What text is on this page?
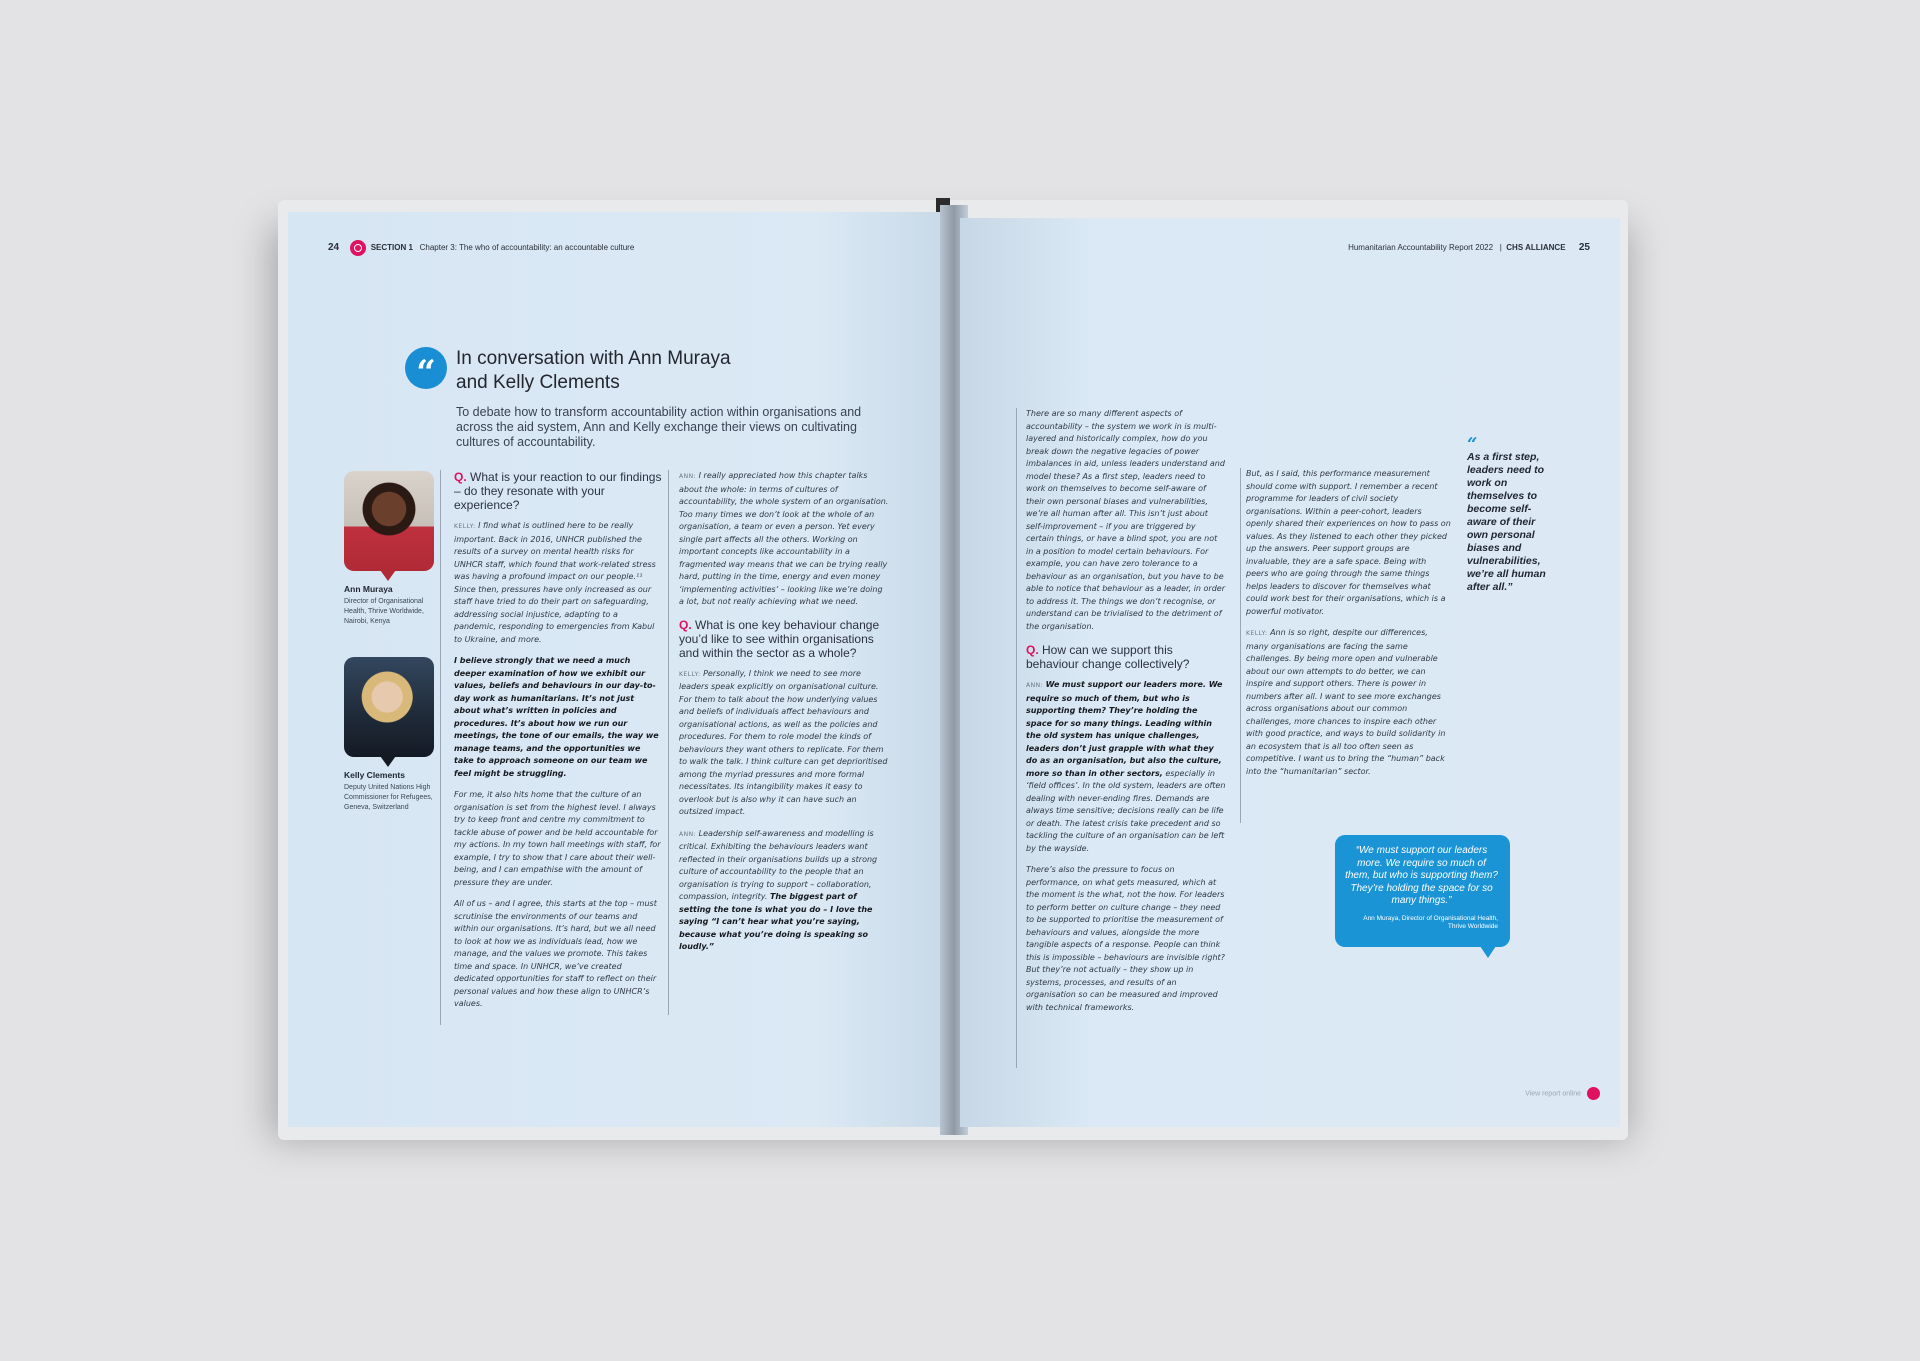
24	SECTION 1 Chapter 3: The who of accountability: an accountable culture
“	In conversation with Ann Muraya
and Kelly Clements
To debate how to transform accountability action within organisations and across the aid system, Ann and Kelly exchange their views on cultivating cultures of accountability.
Ann Muraya
Director of Organisational Health, Thrive Worldwide, Nairobi, Kenya
Kelly Clements
Deputy United Nations High Commissioner for Refugees, Geneva, Switzerland
Q. What is your reaction to our findings – do they resonate with your experience?

KELLY: I find what is outlined here to be really important. Back in 2016, UNHCR published the results of a survey on mental health risks for UNHCR staff, which found that work-related stress was having a profound impact on our people.¹¹ Since then, pressures have only increased as our staff have tried to do their part on safeguarding, addressing social injustice, adapting to a pandemic, responding to emergencies from Kabul to Ukraine, and more.

I believe strongly that we need a much deeper examination of how we exhibit our values, beliefs and behaviours in our day-to-day work as humanitarians. It’s not just about what’s written in policies and procedures. It’s about how we run our meetings, the tone of our emails, the way we manage teams, and the opportunities we take to approach someone on our team we feel might be struggling.

For me, it also hits home that the culture of an organisation is set from the highest level. I always try to keep front and centre my commitment to tackle abuse of power and be held accountable for my actions. In my town hall meetings with staff, for example, I try to show that I care about their well-being, and I can empathise with the amount of pressure they are under.

All of us – and I agree, this starts at the top – must scrutinise the environments of our teams and within our organisations. It’s hard, but we all need to look at how we as individuals lead, how we manage, and the values we promote. This takes time and space. In UNHCR, we’ve created dedicated opportunities for staff to reflect on their personal values and how these align to UNHCR’s values.

ANN: I really appreciated how this chapter talks about the whole: in terms of cultures of accountability, the whole system of an organisation. Too many times we don’t look at the whole of an organisation, a team or even a person. Yet every single part affects all the others. Working on important concepts like accountability in a fragmented way means that we can be trying really hard, putting in the time, energy and even money ‘implementing activities’ – looking like we’re doing a lot, but not really achieving what we need.

Q. What is one key behaviour change you’d like to see within organisations and within the sector as a whole?

KELLY: Personally, I think we need to see more leaders speak explicitly on organisational culture. For them to talk about the how underlying values and beliefs of individuals affect behaviours and organisational actions, as well as the policies and procedures. For them to role model the kinds of behaviours they want others to replicate. For them to walk the talk. I think culture can get deprioritised among the myriad pressures and more formal necessitates. Its intangibility makes it easy to overlook but is also why it can have such an outsized impact.

ANN: Leadership self-awareness and modelling is critical. Exhibiting the behaviours leaders want reflected in their organisations builds up a strong culture of accountability to the people that an organisation is trying to support – collaboration, compassion, integrity. The biggest part of setting the tone is what you do – I love the saying “I can’t hear what you’re saying, because what you’re doing is speaking so loudly.”

Humanitarian Accountability Report 2022   |  CHS ALLIANCE 25

There are so many different aspects of accountability – the system we work in is multi-layered and historically complex, how do you break down the negative legacies of power imbalances in aid, unless leaders understand and model these? As a first step, leaders need to work on themselves to become self-aware of their own personal biases and vulnerabilities, we’re all human after all. This isn’t just about self-improvement – if you are triggered by certain things, or have a blind spot, you are not in a position to model certain behaviours. For example, you can have zero tolerance to a behaviour as an organisation, but you have to be able to notice that behaviour as a leader, in order to address it. The things we don’t recognise, or understand can be trivialised to the detriment of the organisation.

Q. How can we support this behaviour change collectively?

ANN: We must support our leaders more. We require so much of them, but who is supporting them? They’re holding the space for so many things. Leading within the old system has unique challenges, leaders don’t just grapple with what they do as an organisation, but also the culture, more so than in other sectors, especially in ‘field offices’. In the old system, leaders are often dealing with never-ending fires. Demands are always time sensitive; decisions really can be life or death. The latest crisis take precedent and so tackling the culture of an organisation can be left by the wayside.

There’s also the pressure to focus on performance, on what gets measured, which at the moment is the what, not the how. For leaders to perform better on culture change – they need to be supported to prioritise the measurement of behaviours and values, alongside the more tangible aspects of a response. People can think this is impossible – behaviours are invisible right? But they’re not actually – they show up in systems, processes, and results of an organisation so can be measured and improved with technical frameworks.

But, as I said, this performance measurement should come with support. I remember a recent programme for leaders of civil society organisations. Within a peer-cohort, leaders openly shared their experiences on how to pass on values. As they listened to each other they picked up the answers. Peer support groups are invaluable, they are a safe space. Being with peers who are going through the same things helps leaders to discover for themselves what could work best for their organisations, which is a powerful motivator.

KELLY: Ann is so right, despite our differences, many organisations are facing the same challenges. By being more open and vulnerable about our own attempts to do better, we can inspire and support others. There is power in numbers after all. I want to see more exchanges across organisations about our common challenges, more chances to inspire each other with good practice, and ways to build solidarity in an ecosystem that is all too often seen as competitive. I want us to bring the “human” back into the “humanitarian” sector.

“
As a first step, leaders need to work on themselves to become self-aware of their own personal biases and vulnerabilities, we’re all human after all.”
“We must support our leaders more. We require so much of them, but who is supporting them? They’re holding the space for so many things.”
Ann Muraya, Director of Organisational Health, Thrive Worldwide
View report online
